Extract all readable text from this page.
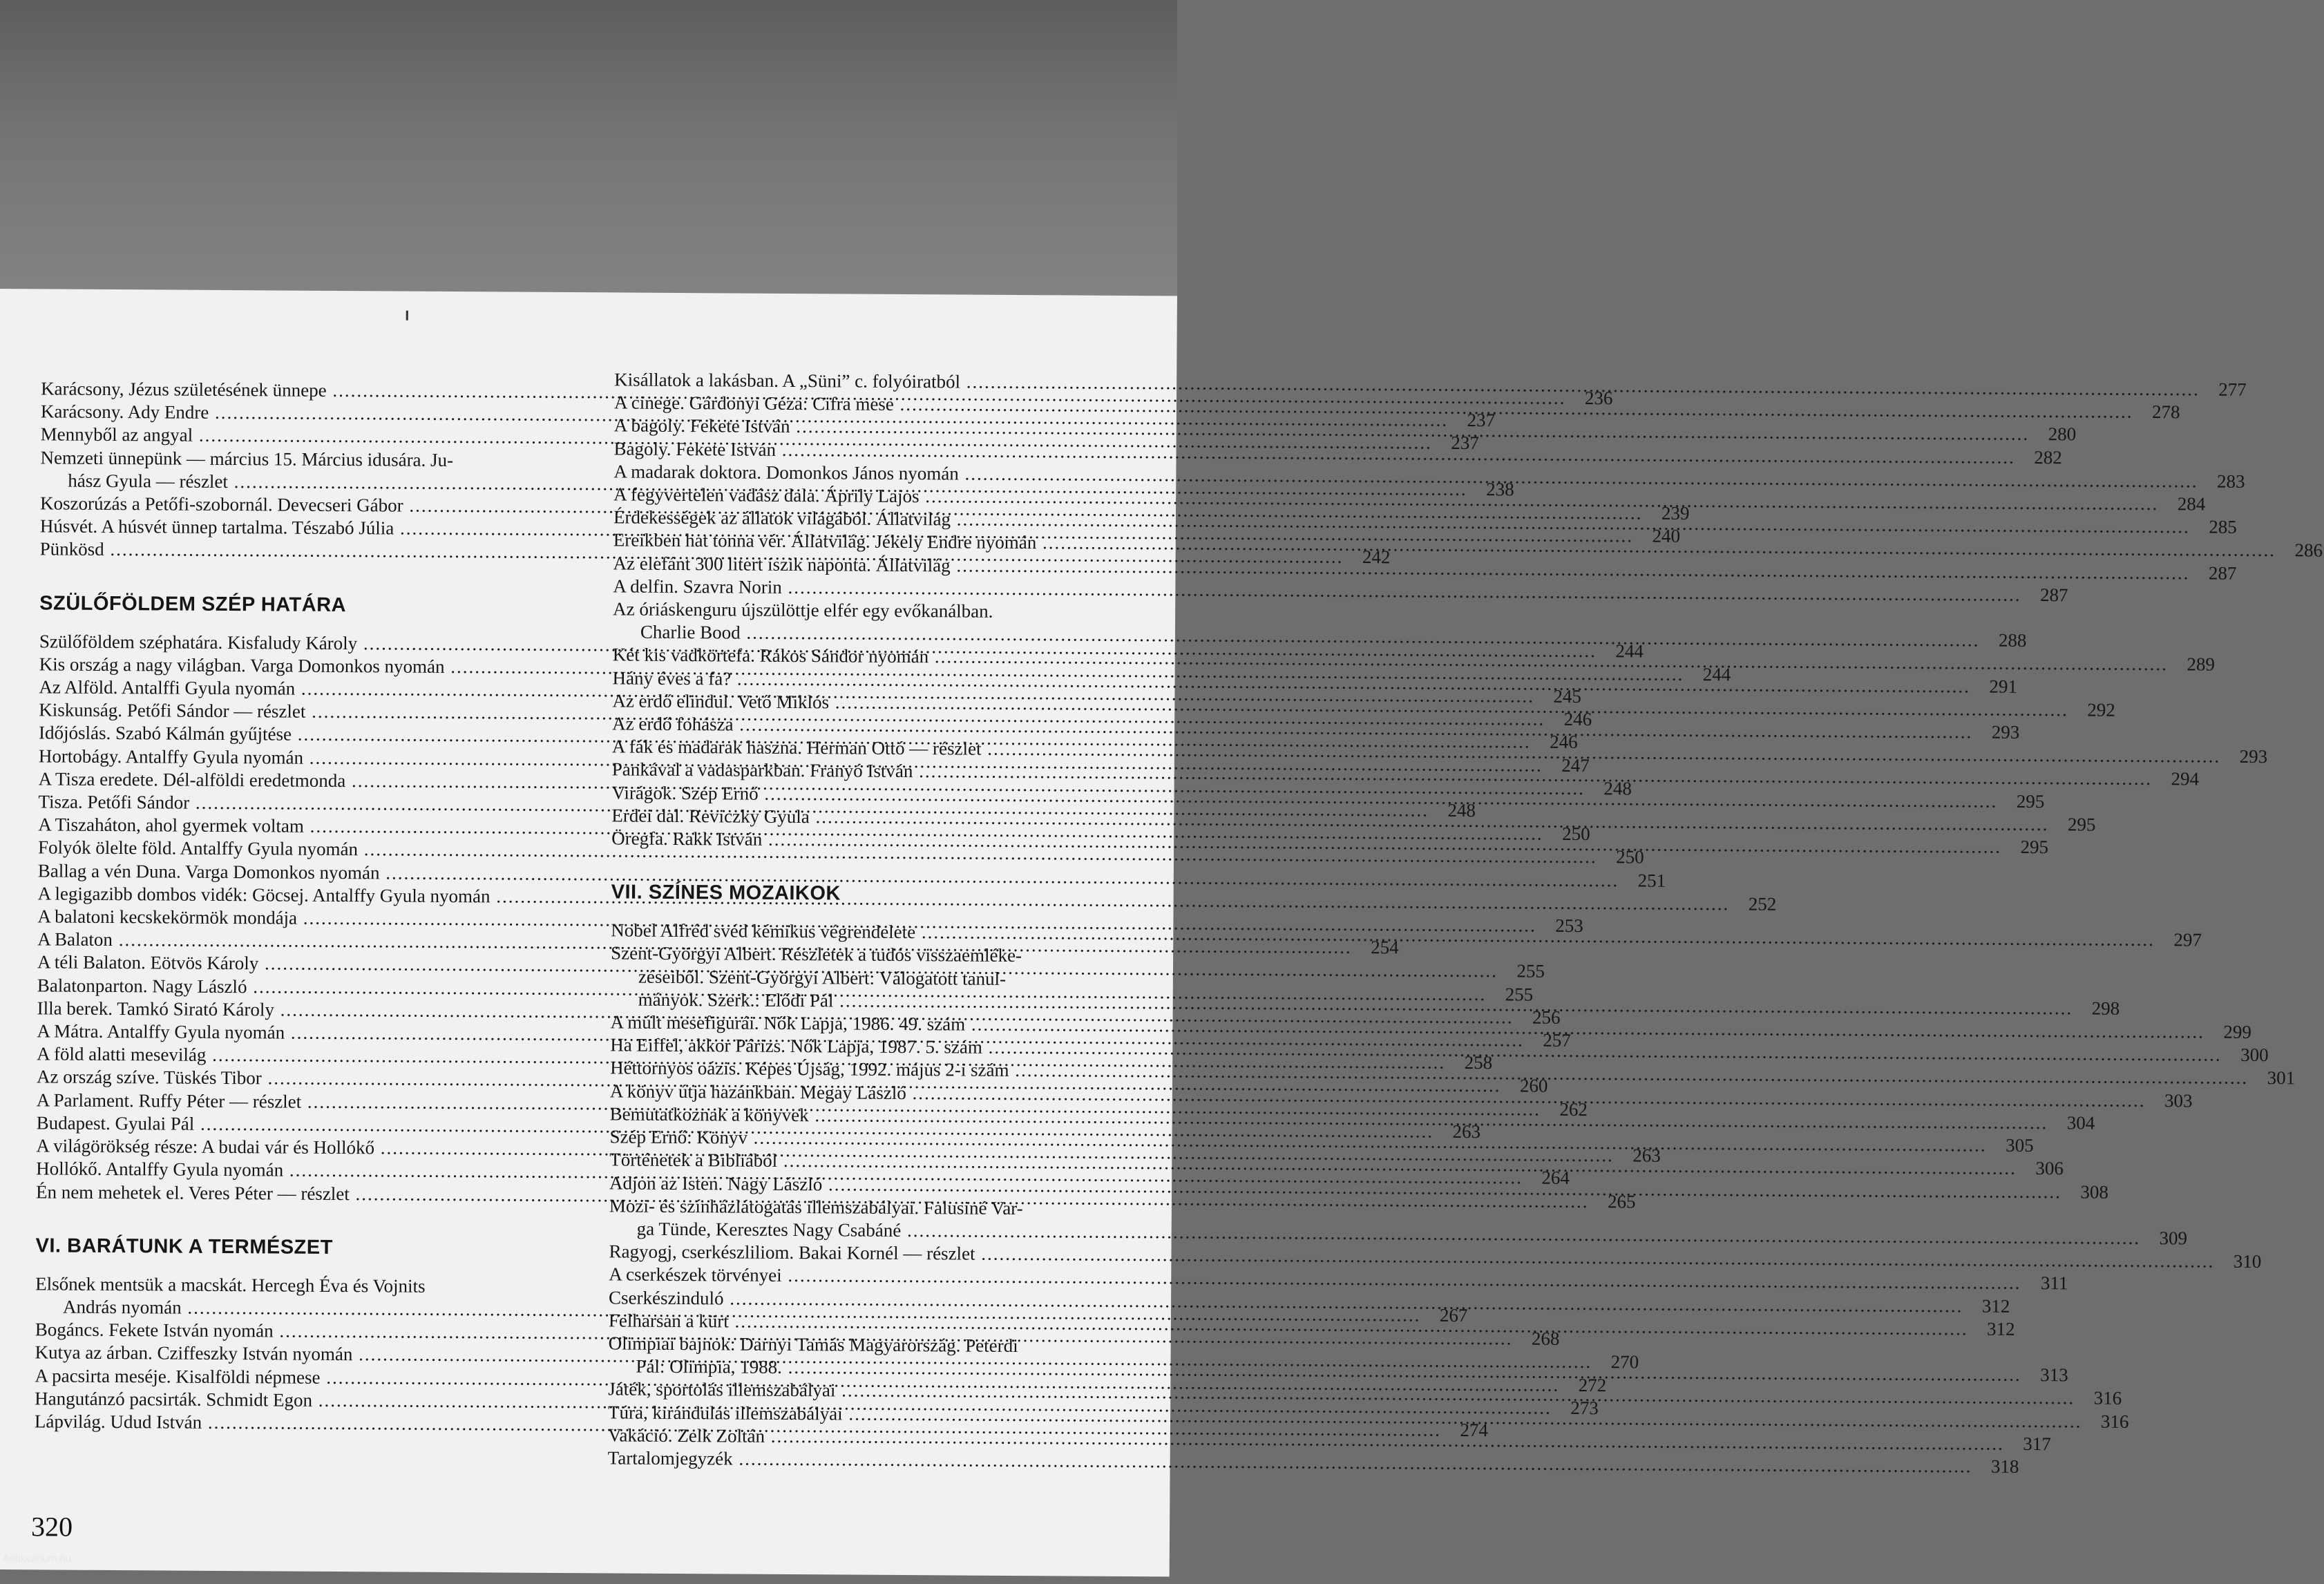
Karácsony, Jézus születésének ünnepe .....	236
Karácsony. Ady Endre .....	237
Mennyből az angyal .....	237
Nemzeti ünnepünk — március 15. Március idusára. Ju-
hász Gyula — részlet .....	238
Koszorúzás a Petőfi-szobornál. Devecseri Gábor .....	239
Húsvét. A húsvét ünnep tartalma. Tészabó Júlia .....	240
Pünkösd .....	242
SZÜLŐFÖLDEM SZÉP HATÁRA
Szülőföldem széphatára. Kisfaludy Károly .....	244
Kis ország a nagy világban. Varga Domonkos nyomán .....	244
Az Alföld. Antalffi Gyula nyomán .....	245
Kiskunság. Petőfi Sándor — részlet .....	246
Időjóslás. Szabó Kálmán gyűjtése .....	246
Hortobágy. Antalffy Gyula nyomán .....	247
A Tisza eredete. Dél-alföldi eredetmonda .....	248
Tisza. Petőfi Sándor .....	248
A Tiszaháton, ahol gyermek voltam .....	250
Folyók ölelte föld. Antalffy Gyula nyomán .....	250
Ballag a vén Duna. Varga Domonkos nyomán .....	251
A legigazibb dombos vidék: Göcsej. Antalffy Gyula nyomán .....	252
A balatoni kecskekörmök mondája .....	253
A Balaton .....	254
A téli Balaton. Eötvös Károly .....	255
Balatonparton. Nagy László .....	255
Illa berek. Tamkó Sirató Károly .....	256
A Mátra. Antalffy Gyula nyomán .....	257
A föld alatti mesevilág .....	258
Az ország szíve. Tüskés Tibor .....	260
A Parlament. Ruffy Péter — részlet .....	262
Budapest. Gyulai Pál .....	263
A világörökség része: A budai vár és Hollókő .....	263
Hollókő. Antalffy Gyula nyomán .....	264
Én nem mehetek el. Veres Péter — részlet .....	265
VI. BARÁTUNK A TERMÉSZET
Elsőnek mentsük a macskát. Hercegh Éva és Vojnits
András nyomán .....	267
Bogáncs. Fekete István nyomán .....	268
Kutya az árban. Cziffeszky István nyomán .....	270
A pacsirta meséje. Kisalföldi népmese .....	272
Hangutánzó pacsirták. Schmidt Egon .....	273
Lápvilág. Udud István .....	274
Kisállatok a lakásban. A „Süni” c. folyóiratból .....	277
A cinege. Gárdonyi Géza: Cifra mese .....	278
A bagoly. Fekete István .....	280
Bagoly. Fekete István .....	282
A madarak doktora. Domonkos János nyomán .....	283
A fegyvertelen vadász dala. Áprily Lajos .....	284
Érdekességek az állatok világából. Állatvilág .....	285
Ereikben hat tonna vér. Állatvilág. Jékely Endre nyomán .....	286
Az elefánt 300 litert iszik naponta. Állatvilág .....	287
A delfin. Szavra Norin .....	287
Az óriáskenguru újszülöttje elfér egy evőkanálban.
Charlie Bood .....	288
Két kis vadkörtefa. Rákos Sándor nyomán .....	289
Hány éves a fa? .....	291
Az erdő elindul. Vető Miklós .....	292
Az erdő fohásza .....	293
A fák és madarak haszna. Herman Ottó — részlet .....	293
Pankával a vadasparkban. Franyó István .....	294
Virágok. Szép Ernő .....	295
Erdei dal. Reviczky Gyula .....	295
Öregfa. Rakk István .....	295
VII. SZÍNES MOZAIKOK
Nobel Alfréd svéd kémikus végrendelete .....	297
Szent-Györgyi Albert. Részletek a tudós visszaemléke-
zéseiből. Szent-Györgyi Albert: Válogatott tanul-
mányok. Szerk.: Elődi Pál .....	298
A múlt mesefigurái. Nők Lapja, 1986. 49. szám .....	299
Ha Eiffel, akkor Párizs. Nők Lapja, 1987. 5. szám .....	300
Héttornyos oázis. Képes Újság, 1992. május 2-i szám .....	301
A könyv útja hazánkban. Megay László .....	303
Bemutatkoznak a könyvek .....	304
Szép Ernő: Könyv .....	305
Történetek a Bibliából .....	306
Adjon az Isten. Nagy László .....	308
Mozi- és színházlátogatás illemszabályai. Falusiné Var-
ga Tünde, Keresztes Nagy Csabáné .....	309
Ragyogj, cserkészliliom. Bakai Kornél — részlet .....	310
A cserkészek törvényei .....	311
Cserkészinduló .....	312
Felharsan a kürt .....	312
Olimpiai bajnok: Darnyi Tamás Magyarország. Peterdi
Pál: Olimpia, 1988. .....	313
Játék, sportolás illemszabályai .....	316
Túra, kirándulás illemszabályai .....	316
Vakáció. Zelk Zoltán .....	317
Tartalomjegyzék .....	318
320
Antikvarium.hu
